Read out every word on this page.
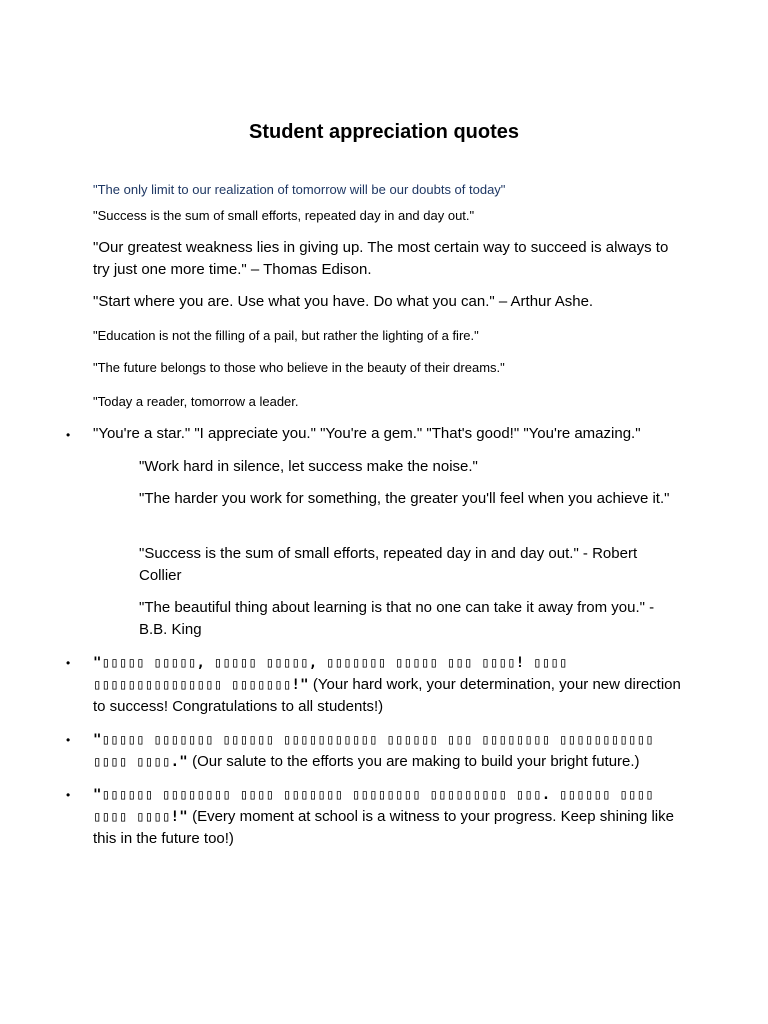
Student appreciation quotes
"The only limit to our realization of tomorrow will be our doubts of today"
"Success is the sum of small efforts, repeated day in and day out."
"Our greatest weakness lies in giving up. The most certain way to succeed is always to try just one more time." – Thomas Edison.
"Start where you are. Use what you have. Do what you can." – Arthur Ashe.
"Education is not the filling of a pail, but rather the lighting of a fire."
"The future belongs to those who believe in the beauty of their dreams."
"Today a reader, tomorrow a leader.
• "You're a star." "I appreciate you." "You're a gem." "That's good!" "You're amazing."
"Work hard in silence, let success make the noise."
"The harder you work for something, the greater you'll feel when you achieve it."
"Success is the sum of small efforts, repeated day in and day out." - Robert Collier
"The beautiful thing about learning is that no one can take it away from you." - B.B. King
• "▯▯▯▯▯ ▯▯▯▯▯, ▯▯▯▯▯ ▯▯▯▯▯, ▯▯▯▯▯▯▯ ▯▯▯▯▯ ▯▯▯ ▯▯▯▯! ▯▯▯▯ ▯▯▯▯▯▯▯▯▯▯▯▯▯▯▯ ▯▯▯▯▯▯▯!" (Your hard work, your determination, your new direction to success! Congratulations to all students!)
• "▯▯▯▯▯ ▯▯▯▯▯▯▯ ▯▯▯▯▯▯ ▯▯▯▯▯▯▯▯▯▯▯ ▯▯▯▯▯▯ ▯▯▯ ▯▯▯▯▯▯▯▯ ▯▯▯▯▯▯▯▯▯▯▯ ▯▯▯▯ ▯▯▯▯." (Our salute to the efforts you are making to build your bright future.)
• "▯▯▯▯▯▯ ▯▯▯▯▯▯▯▯ ▯▯▯▯ ▯▯▯▯▯▯▯ ▯▯▯▯▯▯▯▯ ▯▯▯▯▯▯▯▯▯ ▯▯▯. ▯▯▯▯▯▯ ▯▯▯▯ ▯▯▯▯ ▯▯▯▯!" (Every moment at school is a witness to your progress. Keep shining like this in the future too!)
